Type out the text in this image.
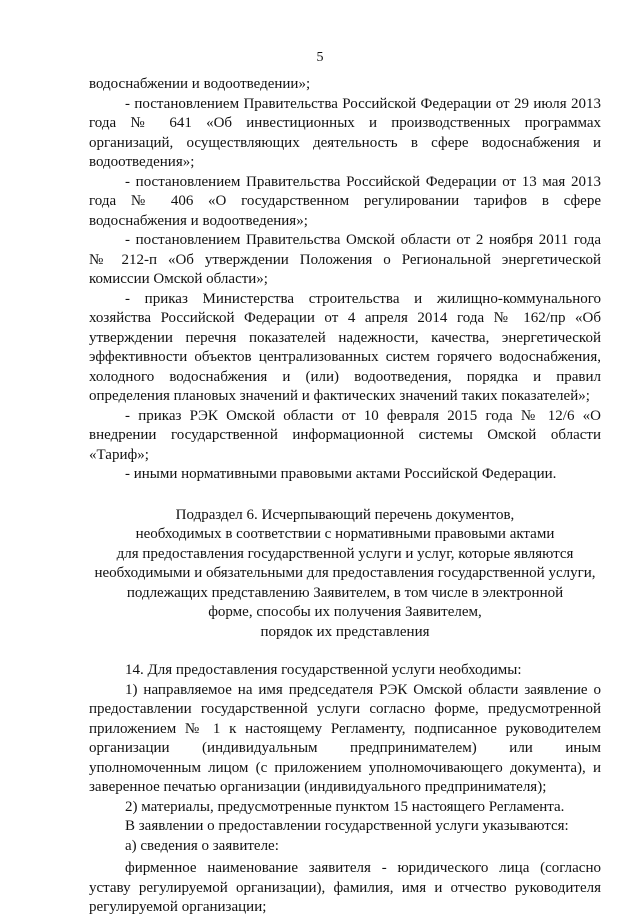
5

водоснабжении и водоотведении»;

- постановлением Правительства Российской Федерации от 29 июля 2013 года № 641 «Об инвестиционных и производственных программах организаций, осуществляющих деятельность в сфере водоснабжения и водоотведения»;

- постановлением Правительства Российской Федерации от 13 мая 2013 года № 406 «О государственном регулировании тарифов в сфере водоснабжения и водоотведения»;

- постановлением Правительства Омской области от 2 ноября 2011 года № 212-п «Об утверждении Положения о Региональной энергетической комиссии Омской области»;

- приказ Министерства строительства и жилищно-коммунального хозяйства Российской Федерации от 4 апреля 2014 года № 162/пр «Об утверждении перечня показателей надежности, качества, энергетической эффективности объектов централизованных систем горячего водоснабжения, холодного водоснабжения и (или) водоотведения, порядка и правил определения плановых значений и фактических значений таких показателей»;

- приказ РЭК Омской области от 10 февраля 2015 года № 12/6 «О внедрении государственной информационной системы Омской области «Тариф»;

- иными нормативными правовыми актами Российской Федерации.

Подраздел 6. Исчерпывающий перечень документов,
необходимых в соответствии с нормативными правовыми актами
для предоставления государственной услуги и услуг, которые являются
необходимыми и обязательными для предоставления государственной услуги,
подлежащих представлению Заявителем, в том числе в электронной
форме, способы их получения Заявителем,
порядок их представления

14. Для предоставления государственной услуги необходимы:

1) направляемое на имя председателя РЭК Омской области заявление о предоставлении государственной услуги согласно форме, предусмотренной приложением № 1 к настоящему Регламенту, подписанное руководителем организации (индивидуальным предпринимателем) или иным уполномоченным лицом (с приложением уполномочивающего документа), и заверенное печатью организации (индивидуального предпринимателя);

2) материалы, предусмотренные пунктом 15 настоящего Регламента.

В заявлении о предоставлении государственной услуги указываются:

а) сведения о заявителе:

фирменное наименование заявителя - юридического лица (согласно уставу регулируемой организации), фамилия, имя и отчество руководителя регулируемой организации;
